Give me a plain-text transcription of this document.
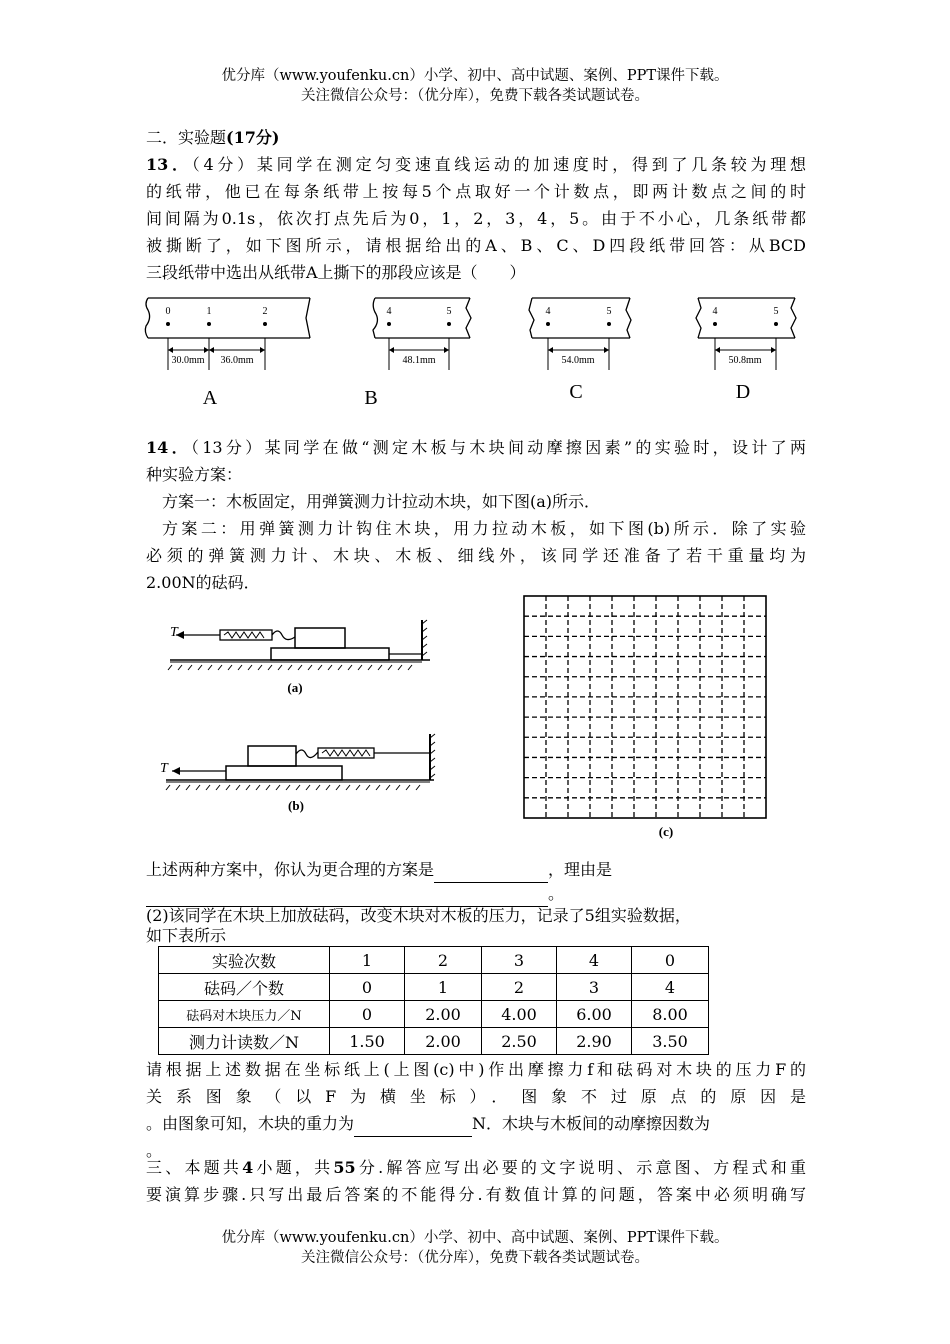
优分库（www.youfenku.cn）小学、初中、高中试题、案例、PPT课件下载。
关注微信公众号：（优分库），免费下载各类试题试卷。
二．实验题(17分)
13．（4分）某同学在测定匀变速直线运动的加速度时，得到了几条较为理想
的纸带，他已在每条纸带上按每5个点取好一个计数点，即两计数点之间的时
间间隔为0.1s，依次打点先后为0，1，2，3，4，5。由于不小心，几条纸带都
被撕断了，如下图所示，请根据给出的A、B、C、D四段纸带回答：从BCD
三段纸带中选出从纸带A上撕下的那段应该是（　　）
0	1	2
30.0mm 36.0mm
A
4	5
48.1mm
B
4	5
54.0mm
C
4	5
50.8mm
D
14．（13分）某同学在做“测定木板与木块间动摩擦因素”的实验时，设计了两
种实验方案：
方案一：木板固定，用弹簧测力计拉动木块，如下图(a)所示．
方案二：用弹簧测力计钩住木块，用力拉动木板，如下图(b)所示．除了实验
必须的弹簧测力计、木块、木板、细线外，该同学还准备了若干重量均为
2.00N的砝码．
T
(a)
T
(b)
(c)
上述两种方案中，你认为更合理的方案是	，理由是
。
(2)该同学在木块上加放砝码，改变木块对木板的压力，记录了5组实验数据，
如下表所示
实验次数	1	2	3	4	0
砝码／个数	0	1	2	3	4
砝码对木块压力／N	0	2.00	4.00	6.00	8.00
测力计读数／N	1.50	2.00	2.50	2.90	3.50
请根据上述数据在坐标纸上(上图(c)中)作出摩擦力f和砝码对木块的压力F的
关系图象（以F为横坐标）．图象不过原点的原因是
。由图象可知，木块的重力为	N．木块与木板间的动摩擦因数为
。
三、本题共4小题，共55分.解答应写出必要的文字说明、示意图、方程式和重
要演算步骤.只写出最后答案的不能得分.有数值计算的问题，答案中必须明确写
优分库（www.youfenku.cn）小学、初中、高中试题、案例、PPT课件下载。
关注微信公众号：（优分库），免费下载各类试题试卷。
